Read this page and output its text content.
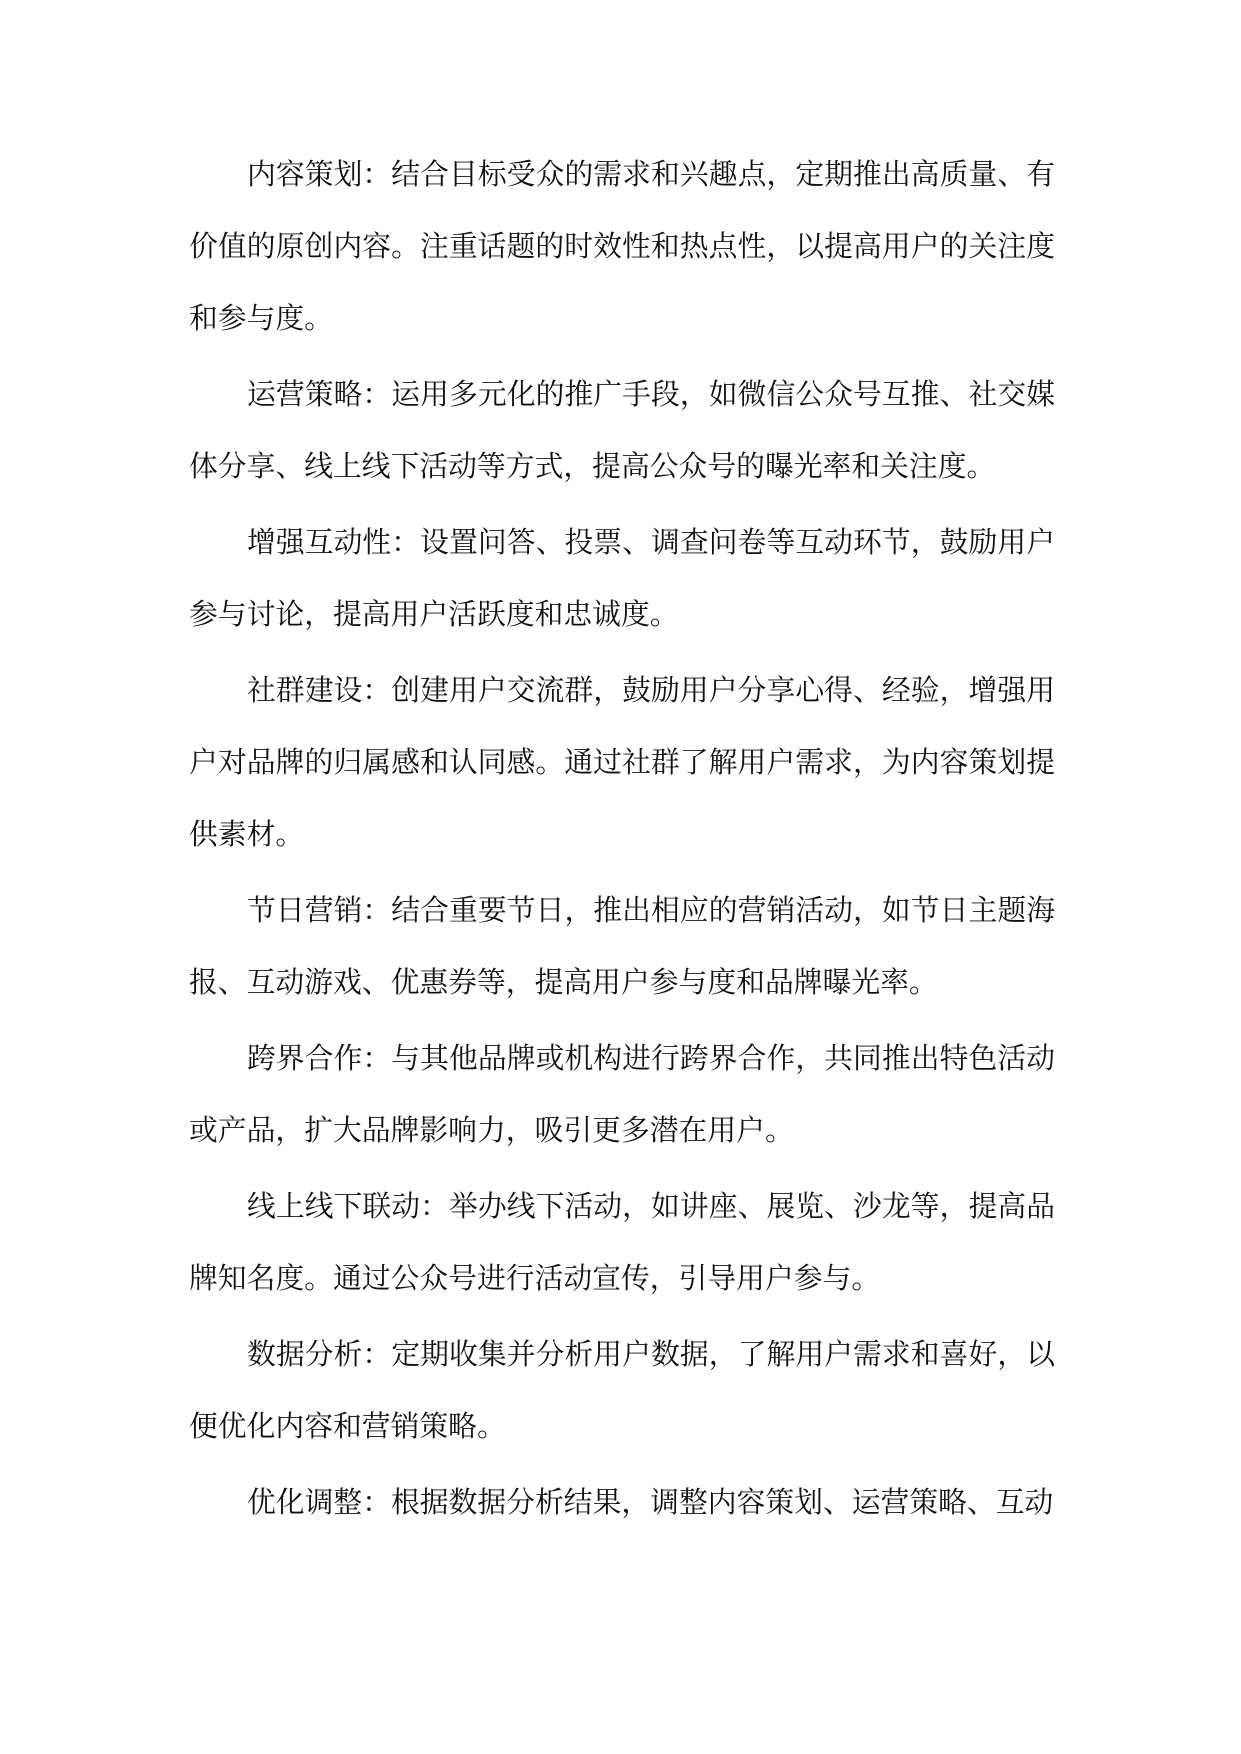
内容策划：结合目标受众的需求和兴趣点，定期推出高质量、有价值的原创内容。注重话题的时效性和热点性，以提高用户的关注度和参与度。

运营策略：运用多元化的推广手段，如微信公众号互推、社交媒体分享、线上线下活动等方式，提高公众号的曝光率和关注度。

增强互动性：设置问答、投票、调查问卷等互动环节，鼓励用户参与讨论，提高用户活跃度和忠诚度。

社群建设：创建用户交流群，鼓励用户分享心得、经验，增强用户对品牌的归属感和认同感。通过社群了解用户需求，为内容策划提供素材。

节日营销：结合重要节日，推出相应的营销活动，如节日主题海报、互动游戏、优惠券等，提高用户参与度和品牌曝光率。

跨界合作：与其他品牌或机构进行跨界合作，共同推出特色活动或产品，扩大品牌影响力，吸引更多潜在用户。

线上线下联动：举办线下活动，如讲座、展览、沙龙等，提高品牌知名度。通过公众号进行活动宣传，引导用户参与。

数据分析：定期收集并分析用户数据，了解用户需求和喜好，以便优化内容和营销策略。

优化调整：根据数据分析结果，调整内容策划、运营策略、互动
